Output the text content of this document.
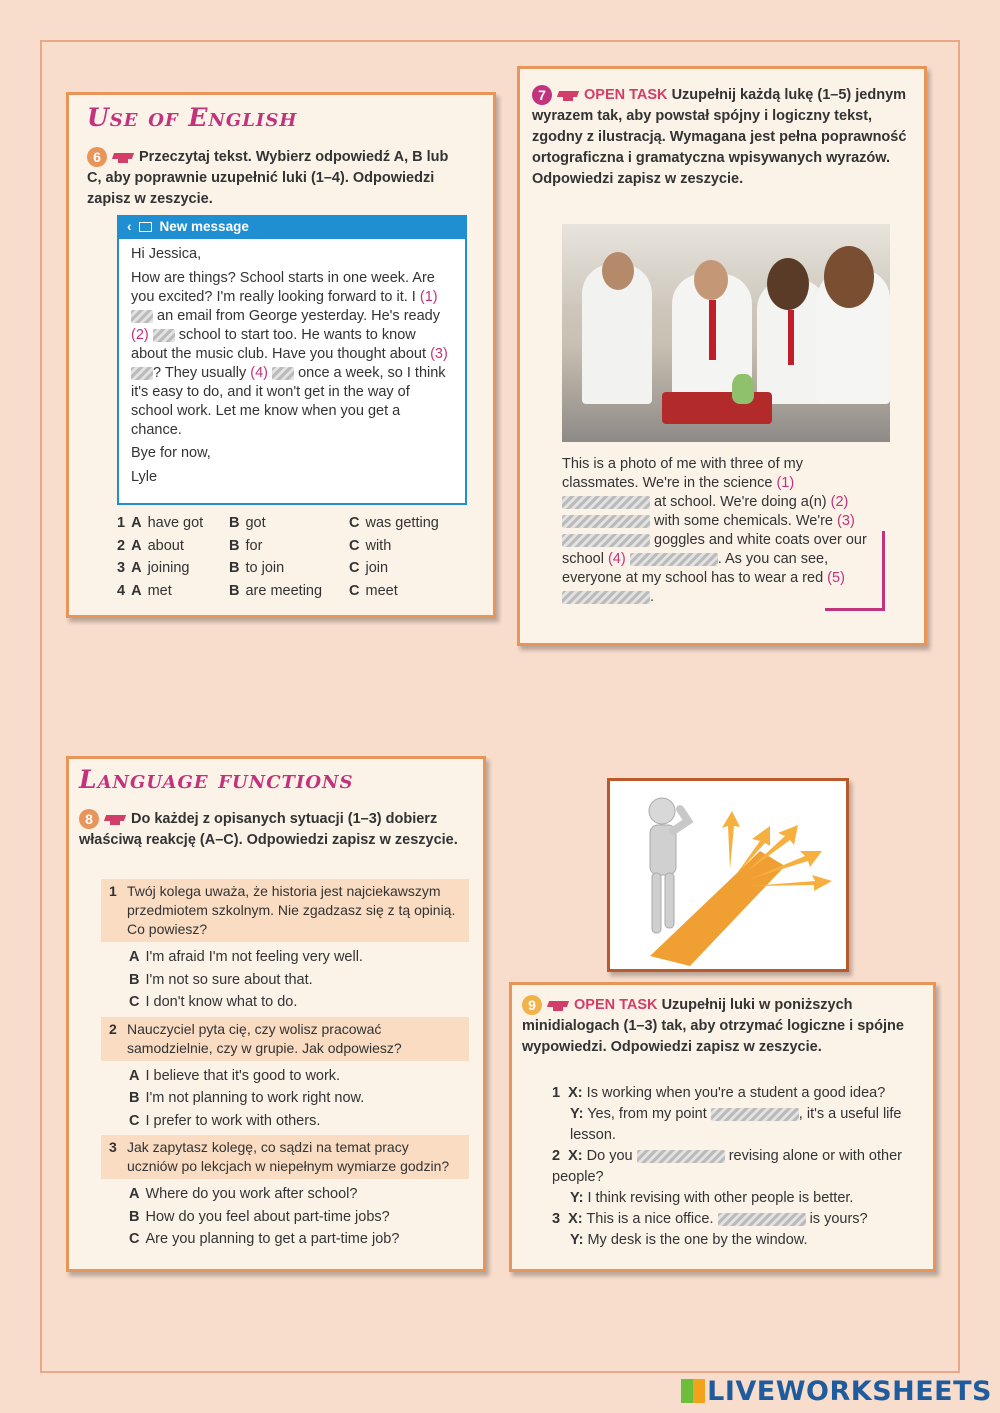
Use of English
6	Przeczytaj tekst. Wybierz odpowiedź A, B lub C, aby poprawnie uzupełnić luki (1–4). Odpowiedzi zapisz w zeszycie.
‹ New message
Hi Jessica,
How are things? School starts in one week. Are you excited? I'm really looking forward to it. I (1)  an email from George yesterday. He's ready (2) school to start too. He wants to know about the music club. Have you thought about (3) ? They usually (4) once a week, so I think it's easy to do, and it won't get in the way of school work. Let me know when you get a chance.
Bye for now,
Lyle
1 A have got B got	C was getting
2 A about	B for	C with
3 A joining	B to join	C join
4 A met	B are meeting C meet
7	OPEN TASK Uzupełnij każdą lukę (1–5) jednym wyrazem tak, aby powstał spójny i logiczny tekst, zgodny z ilustracją. Wymagana jest pełna poprawność ortograficzna i gramatyczna wpisywanych wyrazów. Odpowiedzi zapisz w zeszycie.
This is a photo of me with three of my classmates. We're in the science (1)  at school. We're doing a(n) (2)  with some chemicals. We're (3)  goggles and white coats over our school (4)	. As you can see, everyone at my school has to wear a red (5) .
Language functions
8	Do każdej z opisanych sytuacji (1–3) dobierz właściwą reakcję (A–C). Odpowiedzi zapisz w zeszycie.
1 Twój kolega uważa, że historia jest najciekawszym przedmiotem szkolnym. Nie zgadzasz się z tą opinią. Co powiesz?
A I'm afraid I'm not feeling very well.
B I'm not so sure about that.
C I don't know what to do.
2 Nauczyciel pyta cię, czy wolisz pracować samodzielnie, czy w grupie. Jak odpowiesz?
A I believe that it's good to work.
B I'm not planning to work right now.
C I prefer to work with others.
3 Jak zapytasz kolegę, co sądzi na temat pracy uczniów po lekcjach w niepełnym wymiarze godzin?
A Where do you work after school?
B How do you feel about part-time jobs?
C Are you planning to get a part-time job?
9	OPEN TASK Uzupełnij luki w poniższych minidialogach (1–3) tak, aby otrzymać logiczne i spójne wypowiedzi. Odpowiedzi zapisz w zeszycie.
1 X: Is working when you're a student a good idea?
Y: Yes, from my point	, it's a useful life lesson.
2 X: Do you	revising alone or with other people?
Y: I think revising with other people is better.
3 X: This is a nice office.	is yours?
Y: My desk is the one by the window.
LIVEWORKSHEETS
